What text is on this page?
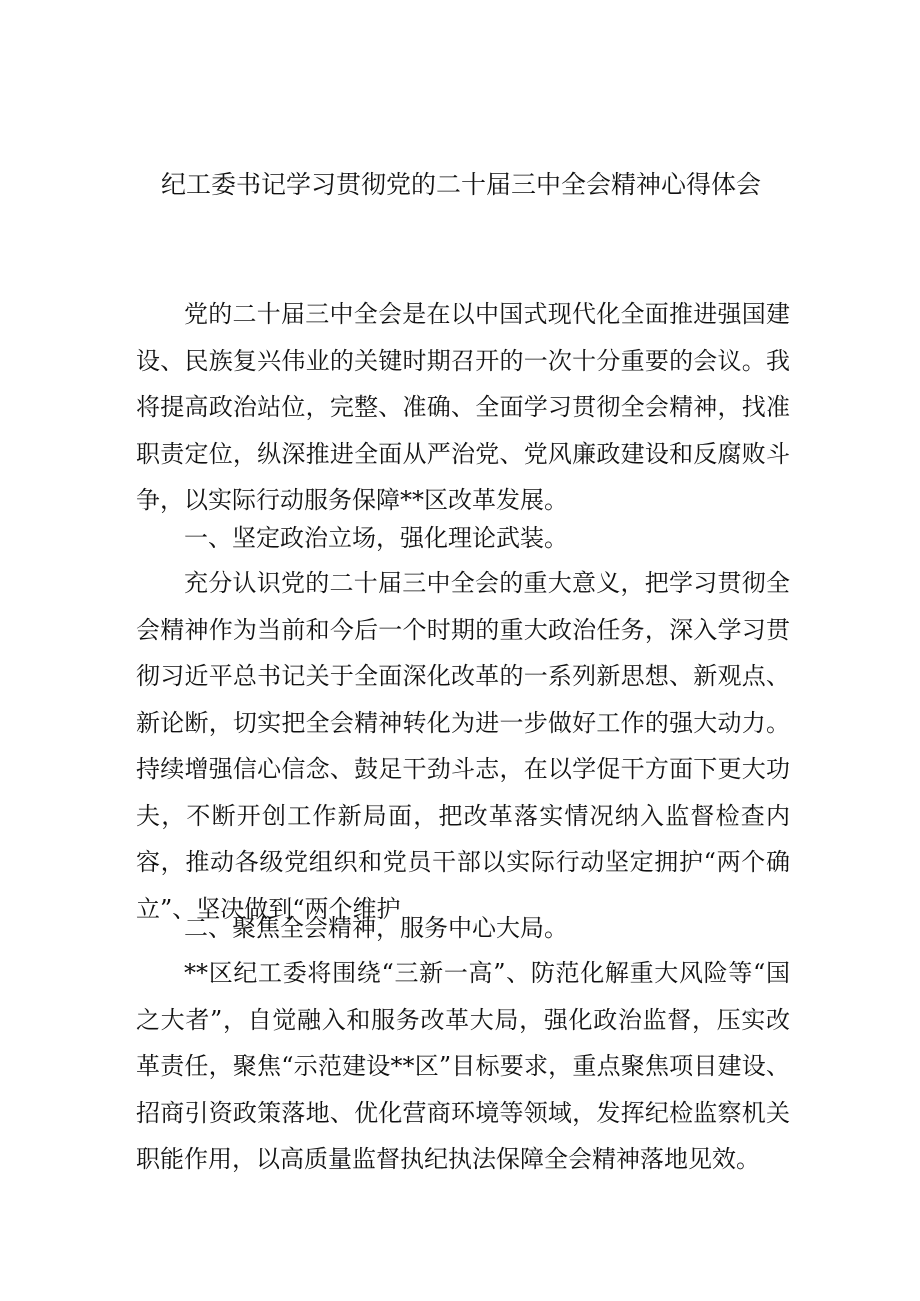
纪工委书记学习贯彻党的二十届三中全会精神心得体会

党的二十届三中全会是在以中国式现代化全面推进强国建设、民族复兴伟业的关键时期召开的一次十分重要的会议。我将提高政治站位，完整、准确、全面学习贯彻全会精神，找准职责定位，纵深推进全面从严治党、党风廉政建设和反腐败斗争，以实际行动服务保障**区改革发展。

一、坚定政治立场，强化理论武装。

充分认识党的二十届三中全会的重大意义，把学习贯彻全会精神作为当前和今后一个时期的重大政治任务，深入学习贯彻习近平总书记关于全面深化改革的一系列新思想、新观点、新论断，切实把全会精神转化为进一步做好工作的强大动力。持续增强信心信念、鼓足干劲斗志，在以学促干方面下更大功夫，不断开创工作新局面，把改革落实情况纳入监督检查内容，推动各级党组织和党员干部以实际行动坚定拥护“两个确立”、坚决做到“两个维护

二、聚焦全会精神，服务中心大局。

**区纪工委将围绕“三新一高”、防范化解重大风险等“国之大者”，自觉融入和服务改革大局，强化政治监督，压实改革责任，聚焦“示范建设**区”目标要求，重点聚焦项目建设、招商引资政策落地、优化营商环境等领域，发挥纪检监察机关职能作用，以高质量监督执纪执法保障全会精神落地见效。
